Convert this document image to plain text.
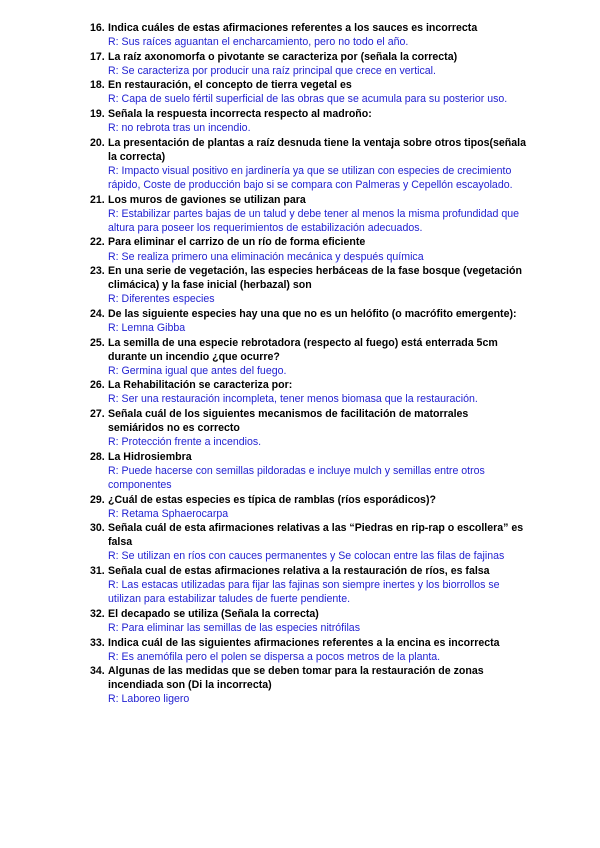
16. Indica cuáles de estas afirmaciones referentes a los sauces es incorrecta
R: Sus raíces aguantan el encharcamiento, pero no todo el año.
17. La raíz axonomorfa o pivotante se caracteriza por (señala la correcta)
R: Se caracteriza por producir una raíz principal que crece en vertical.
18. En restauración, el concepto de tierra vegetal es
R: Capa de suelo fértil superficial de las obras que se acumula para su posterior uso.
19. Señala la respuesta incorrecta respecto al madroño:
R: no rebrota tras un incendio.
20. La presentación de plantas a raíz desnuda tiene la ventaja sobre otros tipos(señala la correcta)
R: Impacto visual positivo en jardinería ya que se utilizan con especies de crecimiento rápido, Coste de producción bajo si se compara con Palmeras y Cepellón escayolado.
21. Los muros de gaviones se utilizan para
R: Estabilizar partes bajas de un talud y debe tener al menos la misma profundidad que altura para poseer los requerimientos de estabilización adecuados.
22. Para eliminar el carrizo de un río de forma eficiente
R: Se realiza primero una eliminación mecánica y después química
23. En una serie de vegetación, las especies herbáceas de la fase bosque (vegetación climácica) y la fase inicial (herbazal) son
R: Diferentes especies
24. De las siguiente especies hay una que no es un helófito (o macrófito emergente):
R: Lemna Gibba
25. La semilla de una especie rebrotadora (respecto al fuego) está enterrada 5cm durante un incendio ¿que ocurre?
R: Germina igual que antes del fuego.
26. La Rehabilitación se caracteriza por:
R: Ser una restauración incompleta, tener menos biomasa que la restauración.
27. Señala cuál de los siguientes mecanismos de facilitación de matorrales semiáridos no es correcto
R: Protección frente a incendios.
28. La Hidrosiembra
R: Puede hacerse con semillas pildoradas e incluye mulch y semillas entre otros componentes
29. ¿Cuál de estas especies es típica de ramblas (ríos esporádicos)?
R: Retama Sphaerocarpa
30. Señala cuál de esta afirmaciones relativas a las “Piedras en rip-rap o escollera” es falsa
R: Se utilizan en ríos con cauces permanentes y Se colocan entre las filas de fajinas
31. Señala cual de estas afirmaciones relativa a la restauración de ríos, es falsa
R: Las estacas utilizadas para fijar las fajinas son siempre inertes y los biorrollos se utilizan para estabilizar taludes de fuerte pendiente.
32. El decapado se utiliza (Señala la correcta)
R: Para eliminar las semillas de las especies nitrófilas
33. Indica cuál de las siguientes afirmaciones referentes a la encina es incorrecta
R: Es anemófila pero el polen se dispersa a pocos metros de la planta.
34. Algunas de las medidas que se deben tomar para la restauración de zonas incendiada son (Di la incorrecta)
R: Laboreo ligero
